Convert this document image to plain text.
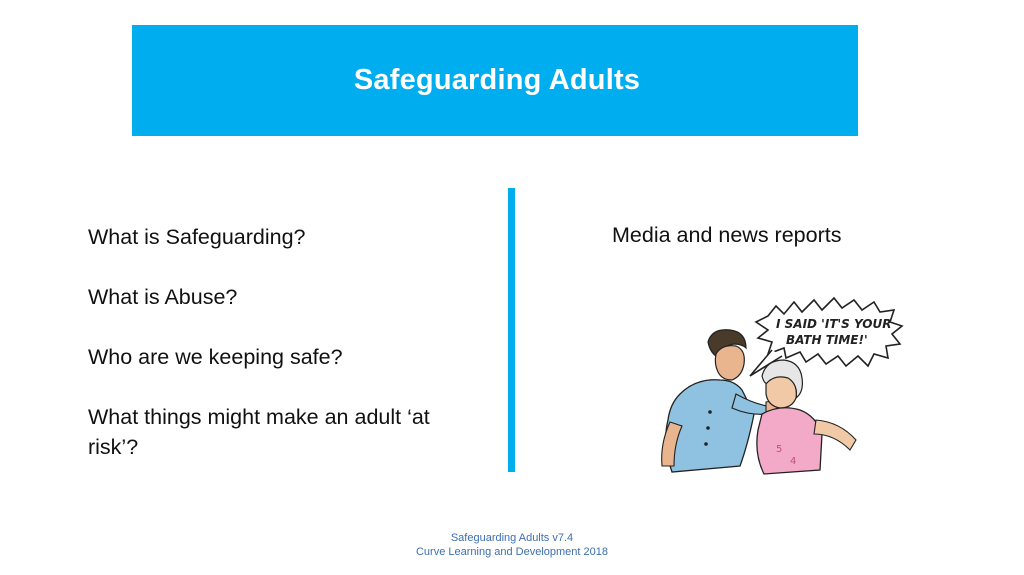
Safeguarding Adults

What is Safeguarding?

What is Abuse?

Who are we keeping safe?

What things might make an adult ‘at risk’?

Media and news reports
I SAID 'IT'S YOUR
BATH TIME!'
5
4
Safeguarding Adults v7.4
Curve Learning and Development 2018
